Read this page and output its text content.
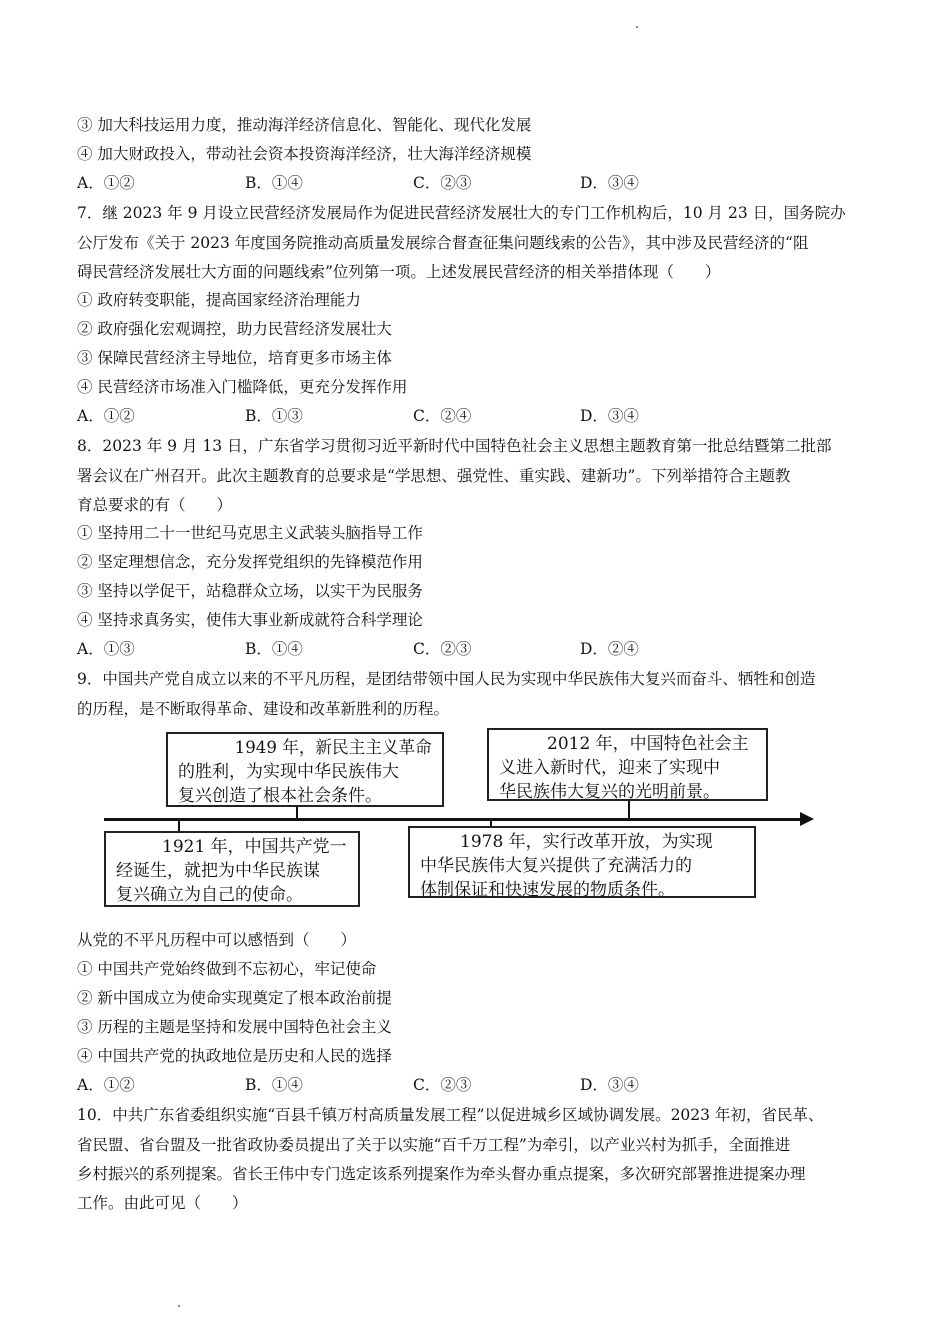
③ 加大科技运用力度，推动海洋经济信息化、智能化、现代化发展
④ 加大财政投入，带动社会资本投资海洋经济，壮大海洋经济规模
A．①②	B．①④	C．②③	D．③④
7．继 2023 年 9 月设立民营经济发展局作为促进民营经济发展壮大的专门工作机构后，10 月 23 日，国务院办
公厅发布《关于 2023 年度国务院推动高质量发展综合督查征集问题线索的公告》，其中涉及民营经济的“阻
碍民营经济发展壮大方面的问题线索”位列第一项。上述发展民营经济的相关举措体现（　　）
① 政府转变职能，提高国家经济治理能力
② 政府强化宏观调控，助力民营经济发展壮大
③ 保障民营经济主导地位，培育更多市场主体
④ 民营经济市场准入门槛降低，更充分发挥作用
A．①②	B．①③	C．②④	D．③④
8．2023 年 9 月 13 日，广东省学习贯彻习近平新时代中国特色社会主义思想主题教育第一批总结暨第二批部
署会议在广州召开。此次主题教育的总要求是“学思想、强党性、重实践、建新功”。下列举措符合主题教
育总要求的有（　　）
① 坚持用二十一世纪马克思主义武装头脑指导工作
② 坚定理想信念，充分发挥党组织的先锋模范作用
③ 坚持以学促干，站稳群众立场，以实干为民服务
④ 坚持求真务实，使伟大事业新成就符合科学理论
A．①③	B．①④	C．②③	D．②④
9．中国共产党自成立以来的不平凡历程，是团结带领中国人民为实现中华民族伟大复兴而奋斗、牺牲和创造
的历程，是不断取得革命、建设和改革新胜利的历程。
1949 年，新民主主义革命
的胜利，为实现中华民族伟大
复兴创造了根本社会条件。
2012 年，中国特色社会主
义进入新时代，迎来了实现中
华民族伟大复兴的光明前景。
1921 年，中国共产党一
经诞生，就把为中华民族谋
复兴确立为自己的使命。
1978 年，实行改革开放，为实现
中华民族伟大复兴提供了充满活力的
体制保证和快速发展的物质条件。
从党的不平凡历程中可以感悟到（　　）
① 中国共产党始终做到不忘初心，牢记使命
② 新中国成立为使命实现奠定了根本政治前提
③ 历程的主题是坚持和发展中国特色社会主义
④ 中国共产党的执政地位是历史和人民的选择
A．①②	B．①④	C．②③	D．③④
10．中共广东省委组织实施“百县千镇万村高质量发展工程”以促进城乡区域协调发展。2023 年初，省民革、
省民盟、省台盟及一批省政协委员提出了关于以实施“百千万工程”为牵引，以产业兴村为抓手，全面推进
乡村振兴的系列提案。省长王伟中专门选定该系列提案作为牵头督办重点提案，多次研究部署推进提案办理
工作。由此可见（　　）
